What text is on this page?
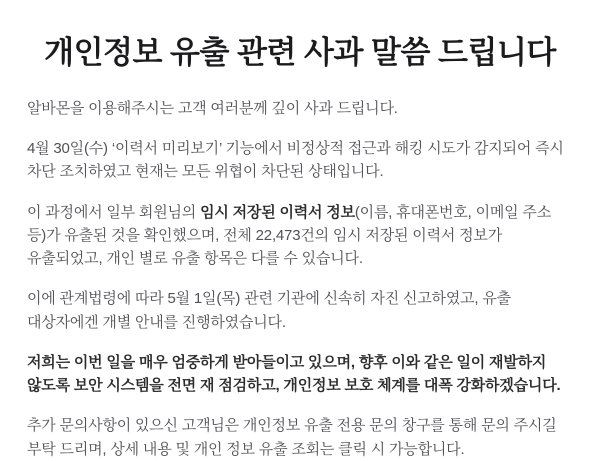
개인정보 유출 관련 사과 말씀 드립니다

알바몬을 이용해주시는 고객 여러분께 깊이 사과 드립니다.

4월 30일(수) ‘이력서 미리보기’ 기능에서 비정상적 접근과 해킹 시도가 감지되어 즉시 차단 조치하였고 현재는 모든 위협이 차단된 상태입니다.

이 과정에서 일부 회원님의 임시 저장된 이력서 정보(이름, 휴대폰번호, 이메일 주소 등)가 유출된 것을 확인했으며, 전체 22,473건의 임시 저장된 이력서 정보가 유출되었고, 개인 별로 유출 항목은 다를 수 있습니다.

이에 관계법령에 따라 5월 1일(목) 관련 기관에 신속히 자진 신고하였고, 유출 대상자에겐 개별 안내를 진행하였습니다.

저희는 이번 일을 매우 엄중하게 받아들이고 있으며, 향후 이와 같은 일이 재발하지 않도록 보안 시스템을 전면 재 점검하고, 개인정보 보호 체계를 대폭 강화하겠습니다.

추가 문의사항이 있으신 고객님은 개인정보 유출 전용 문의 창구를 통해 문의 주시길 부탁 드리며, 상세 내용 및 개인 정보 유출 조회는 클릭 시 가능합니다.
